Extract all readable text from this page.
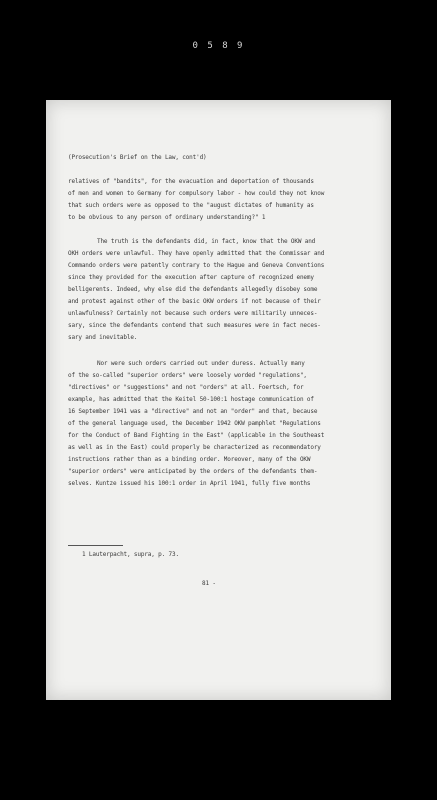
0 5 8 9

(Prosecution's Brief on the Law, cont'd)

relatives of "bandits", for the evacuation and deportation of thousands

of men and women to Germany for compulsory labor - how could they not know

that such orders were as opposed to the "august dictates of humanity as

to be obvious to any person of ordinary understanding?" 1

The truth is the defendants did, in fact, know that the OKW and

OKH orders were unlawful. They have openly admitted that the Commissar and

Commando orders were patently contrary to the Hague and Geneva Conventions

since they provided for the execution after capture of recognized enemy

belligerents. Indeed, why else did the defendants allegedly disobey some

and protest against other of the basic OKW orders if not because of their

unlawfulness? Certainly not because such orders were militarily unneces-

sary, since the defendants contend that such measures were in fact neces-

sary and inevitable.

Nor were such orders carried out under duress. Actually many

of the so-called "superior orders" were loosely worded "regulations",

"directives" or "suggestions" and not "orders" at all. Foertsch, for

example, has admitted that the Keitel 50-100:1 hostage communication of

16 September 1941 was a "directive" and not an "order" and that, because

of the general language used, the December 1942 OKW pamphlet "Regulations

for the Conduct of Band Fighting in the East" (applicable in the Southeast

as well as in the East) could properly be characterized as recommendatory

instructions rather than as a binding order. Moreover, many of the OKW

"superior orders" were anticipated by the orders of the defendants them-

selves. Kuntze issued his 100:1 order in April 1941, fully five months

1 Lauterpacht, supra, p. 73.

81 -
